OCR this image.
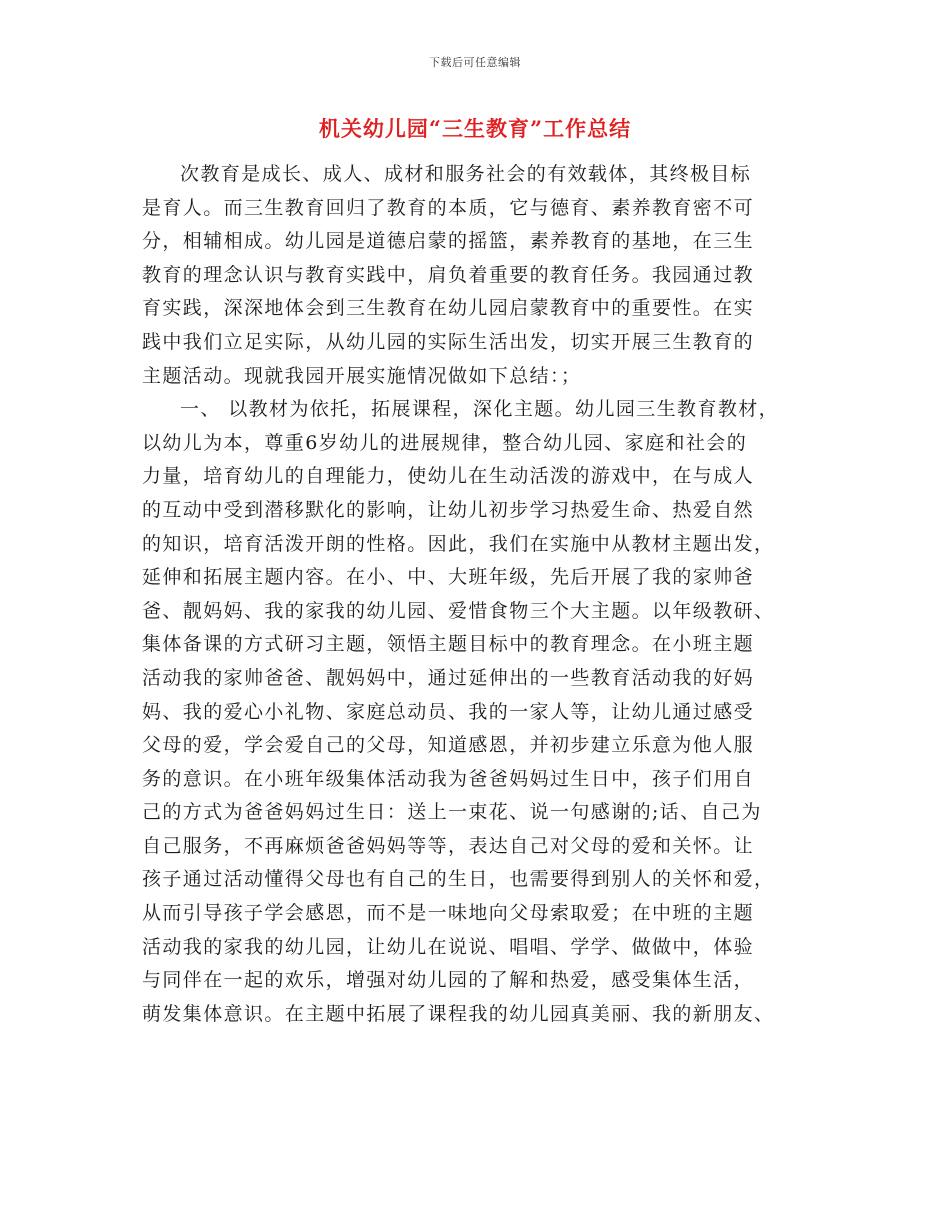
下载后可任意编辑
机关幼儿园“三生教育”工作总结
次教育是成长、成人、成材和服务社会的有效载体，其终极目标
是育人。而三生教育回归了教育的本质，它与德育、素养教育密不可
分，相辅相成。幼儿园是道德启蒙的摇篮，素养教育的基地，在三生
教育的理念认识与教育实践中，肩负着重要的教育任务。我园通过教
育实践，深深地体会到三生教育在幼儿园启蒙教育中的重要性。在实
践中我们立足实际，从幼儿园的实际生活出发，切实开展三生教育的
主题活动。现就我园开展实施情况做如下总结：；
一、 以教材为依托，拓展课程，深化主题。幼儿园三生教育教材，
以幼儿为本，尊重6岁幼儿的进展规律，整合幼儿园、家庭和社会的
力量，培育幼儿的自理能力，使幼儿在生动活泼的游戏中，在与成人
的互动中受到潜移默化的影响，让幼儿初步学习热爱生命、热爱自然
的知识，培育活泼开朗的性格。因此，我们在实施中从教材主题出发，
延伸和拓展主题内容。在小、中、大班年级，先后开展了我的家帅爸
爸、靓妈妈、我的家我的幼儿园、爱惜食物三个大主题。以年级教研、
集体备课的方式研习主题，领悟主题目标中的教育理念。在小班主题
活动我的家帅爸爸、靓妈妈中，通过延伸出的一些教育活动我的好妈
妈、我的爱心小礼物、家庭总动员、我的一家人等，让幼儿通过感受
父母的爱，学会爱自己的父母，知道感恩，并初步建立乐意为他人服
务的意识。在小班年级集体活动我为爸爸妈妈过生日中，孩子们用自
己的方式为爸爸妈妈过生日：送上一束花、说一句感谢的;话、自己为
自己服务，不再麻烦爸爸妈妈等等，表达自己对父母的爱和关怀。让
孩子通过活动懂得父母也有自己的生日，也需要得到别人的关怀和爱，
从而引导孩子学会感恩，而不是一味地向父母索取爱；在中班的主题
活动我的家我的幼儿园，让幼儿在说说、唱唱、学学、做做中，体验
与同伴在一起的欢乐，增强对幼儿园的了解和热爱，感受集体生活，
萌发集体意识。在主题中拓展了课程我的幼儿园真美丽、我的新朋友、
